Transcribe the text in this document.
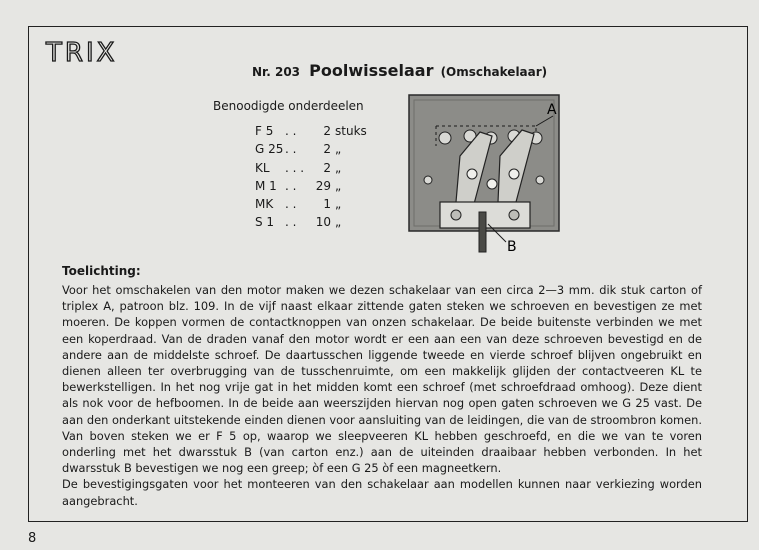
TRIX
Nr. 203 Poolwisselaar (Omschakelaar)
Benoodigde onderdeelen
F 5 . .	2 stuks
G 25 . .	2 „
KL	. . .	2 „
M 1 . .	29 „
MK . .	1 „
S 1 . .	10 „
A
B
Toelichting:

Voor het omschakelen van den motor maken we dezen schakelaar van een circa 2—3 mm. dik stuk carton of triplex A, patroon blz. 109. In de vijf naast elkaar zittende gaten steken we schroeven en bevestigen ze met moeren. De koppen vormen de contactknoppen van onzen schakelaar. De beide buitenste verbinden we met een koperdraad. Van de draden vanaf den motor wordt er een aan een van deze schroeven bevestigd en de andere aan de middelste schroef. De daartusschen liggende tweede en vierde schroef blijven ongebruikt en dienen alleen ter overbrugging van de tusschenruimte, om een makkelijk glijden der contactveeren KL te bewerkstelligen. In het nog vrije gat in het midden komt een schroef (met schroefdraad omhoog). Deze dient als nok voor de hefboomen. In de beide aan weerszijden hiervan nog open gaten schroeven we G 25 vast. De aan den onderkant uitstekende einden dienen voor aansluiting van de leidingen, die van de stroombron komen. Van boven steken we er F 5 op, waarop we sleepveeren KL hebben geschroefd, en die we van te voren onderling met het dwarsstuk B (van carton enz.) aan de uiteinden draaibaar hebben verbonden. In het dwarsstuk B bevestigen we nog een greep; òf een G 25 òf een magneetkern.

De bevestigingsgaten voor het monteeren van den schakelaar aan modellen kunnen naar verkiezing worden aangebracht.

8
